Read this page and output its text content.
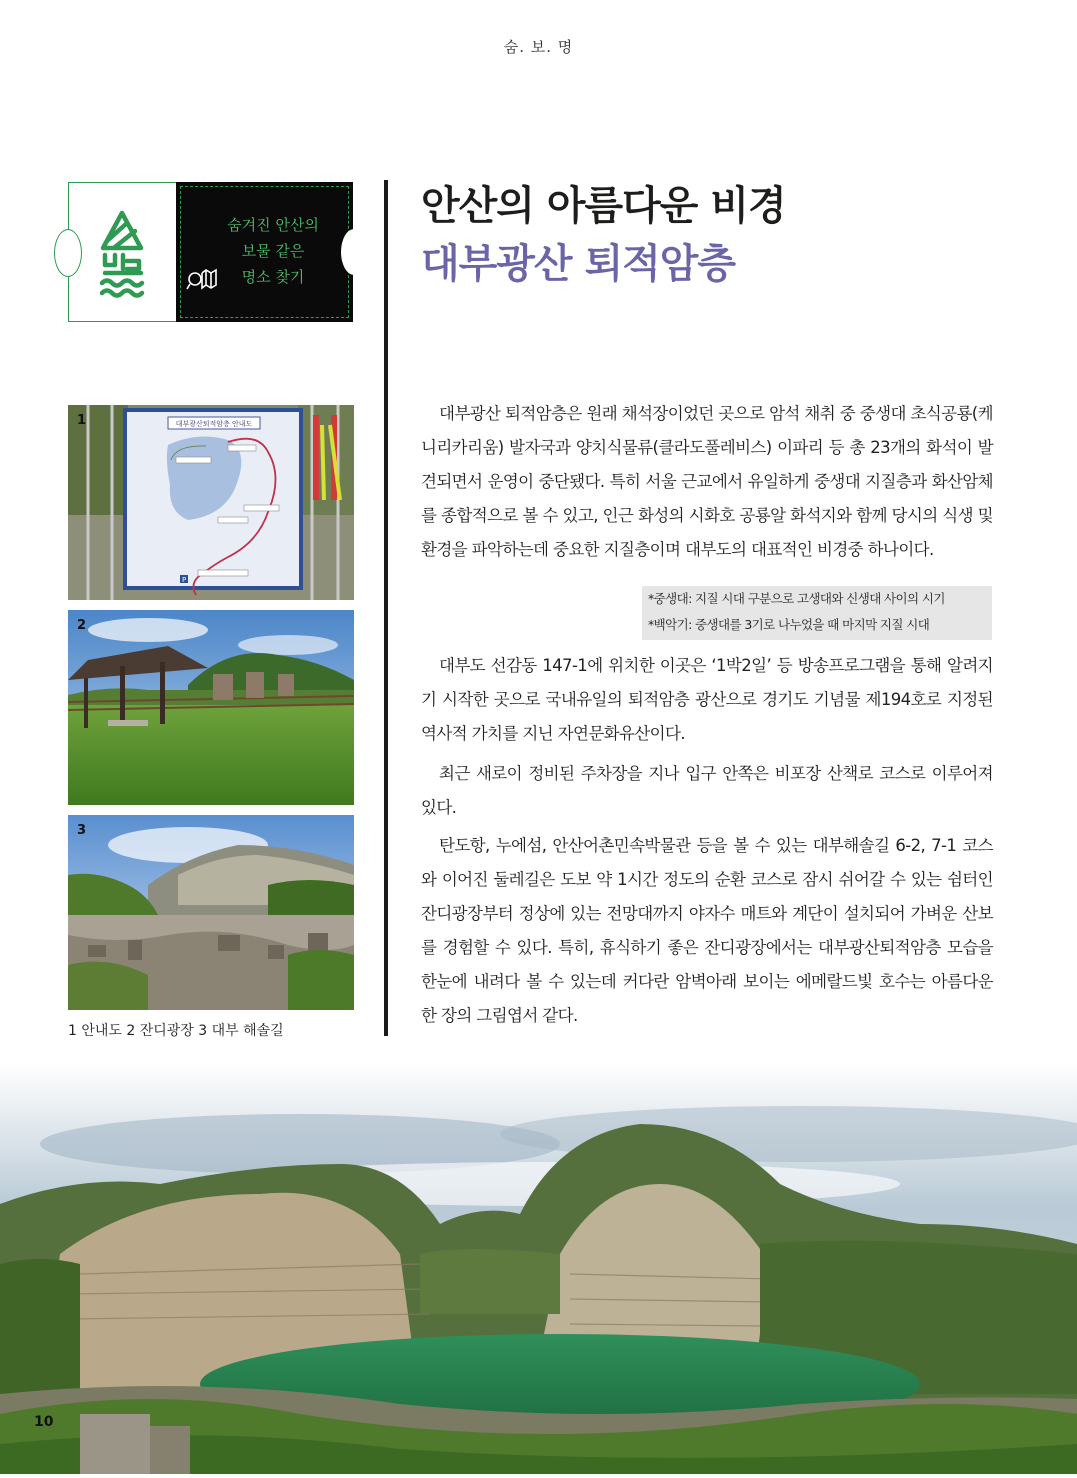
숨. 보. 명
숨겨진 안산의
보물 같은
명소 찾기
안산의 아름다운 비경
대부광산 퇴적암층
대부광산퇴적암층 안내도
P
1
2
3
1 안내도 2 잔디광장 3 대부 해솔길

대부광산 퇴적암층은 원래 채석장이었던 곳으로 암석 채취 중 중생대 초식공룡(케니리카리움) 발자국과 양치식물류(클라도풀레비스) 이파리 등 총 23개의 화석이 발견되면서 운영이 중단됐다. 특히 서울 근교에서 유일하게 중생대 지질층과 화산암체를 종합적으로 볼 수 있고, 인근 화성의 시화호 공룡알 화석지와 함께 당시의 식생 및 환경을 파악하는데 중요한 지질층이며 대부도의 대표적인 비경중 하나이다.

*중생대: 지질 시대 구분으로 고생대와 신생대 사이의 시기
*백악기: 중생대를 3기로 나누었을 때 마지막 지질 시대

대부도 선감동 147-1에 위치한 이곳은 ‘1박2일’ 등 방송프로그램을 통해 알려지기 시작한 곳으로 국내유일의 퇴적암층 광산으로 경기도 기념물 제194호로 지정된 역사적 가치를 지닌 자연문화유산이다.

최근 새로이 정비된 주차장을 지나 입구 안쪽은 비포장 산책로 코스로 이루어져 있다.

탄도항, 누에섬, 안산어촌민속박물관 등을 볼 수 있는 대부해솔길 6-2, 7-1 코스와 이어진 둘레길은 도보 약 1시간 정도의 순환 코스로 잠시 쉬어갈 수 있는 쉼터인 잔디광장부터 정상에 있는 전망대까지 야자수 매트와 계단이 설치되어 가벼운 산보를 경험할 수 있다. 특히, 휴식하기 좋은 잔디광장에서는 대부광산퇴적암층 모습을 한눈에 내려다 볼 수 있는데 커다란 암벽아래 보이는 에메랄드빛 호수는 아름다운 한 장의 그림엽서 같다.

10
